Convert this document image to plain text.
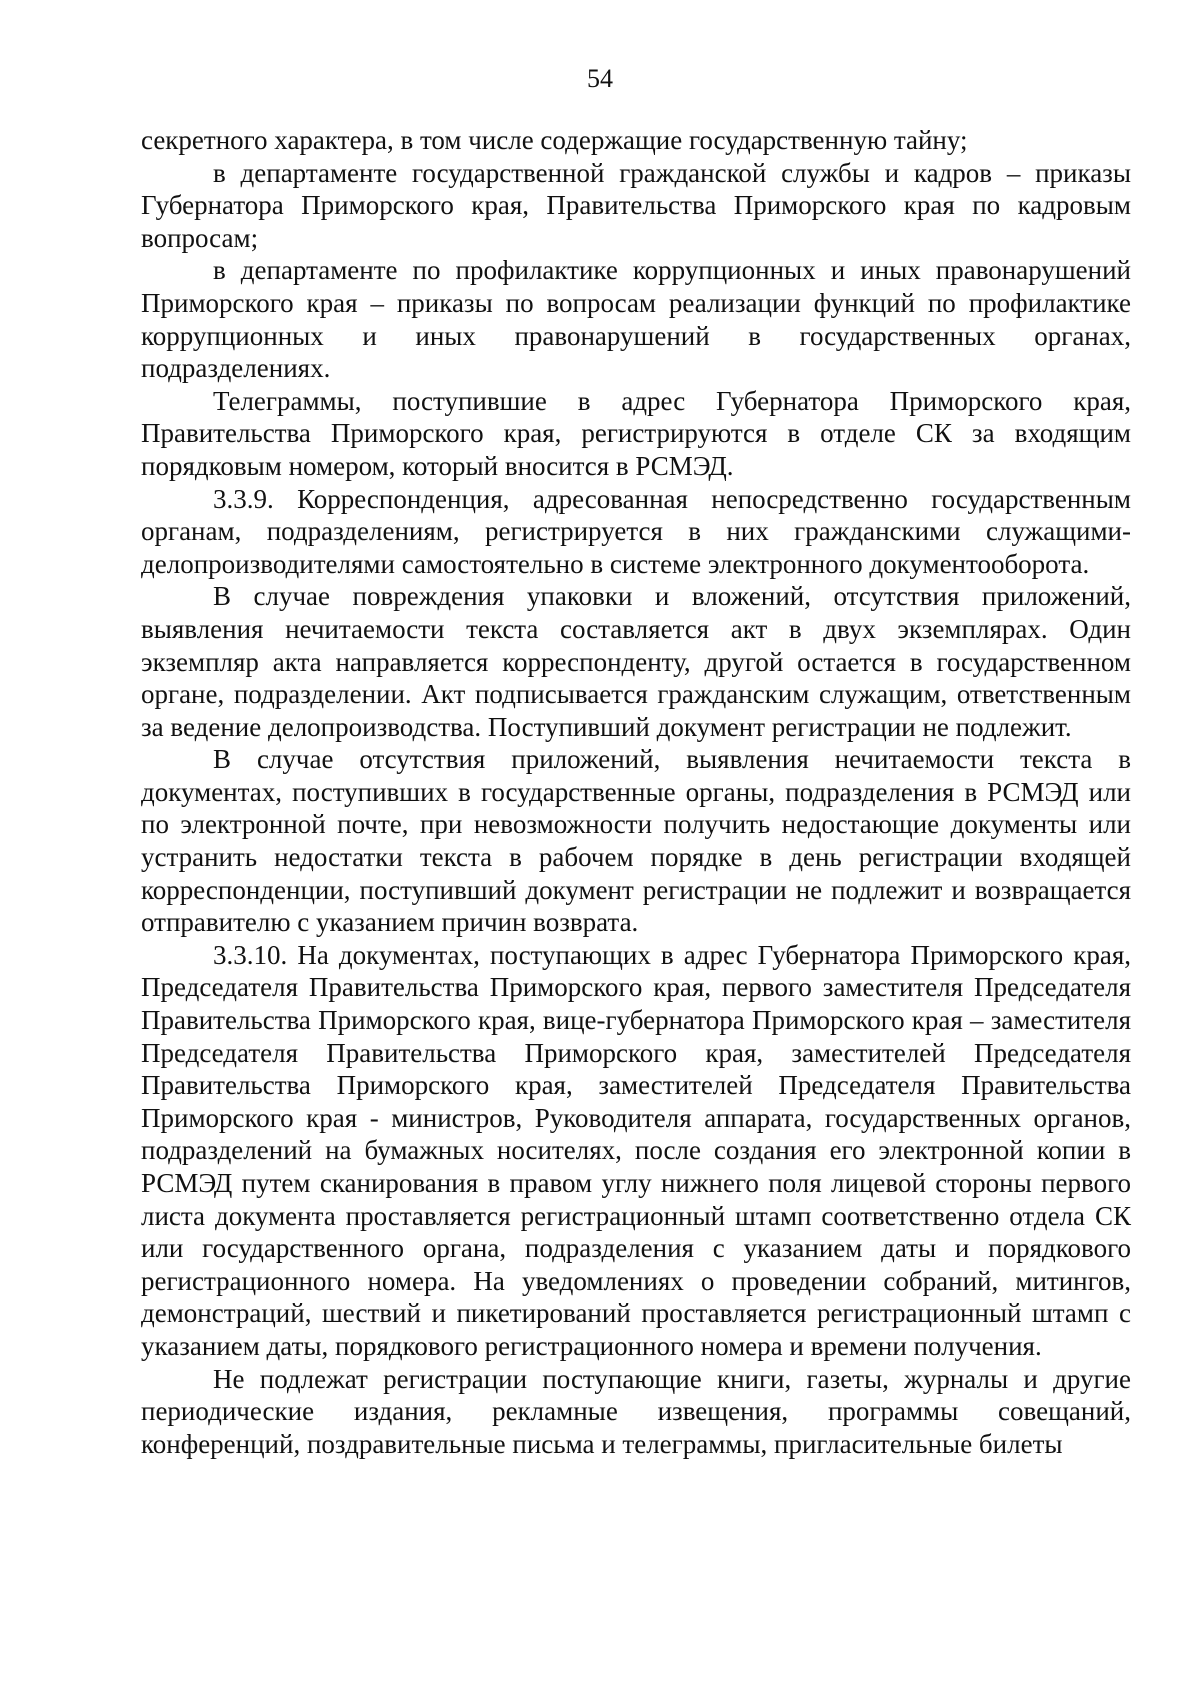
54

секретного характера, в том числе содержащие государственную тайну;

в департаменте государственной гражданской службы и кадров – приказы Губернатора Приморского края, Правительства Приморского края по кадровым вопросам;

в департаменте по профилактике коррупционных и иных правонарушений Приморского края – приказы по вопросам реализации функций по профилактике коррупционных и иных правонарушений в государственных органах, подразделениях.

Телеграммы, поступившие в адрес Губернатора Приморского края, Правительства Приморского края, регистрируются в отделе СК за входящим порядковым номером, который вносится в РСМЭД.

3.3.9. Корреспонденция, адресованная непосредственно государственным органам, подразделениям, регистрируется в них гражданскими служащими-делопроизводителями самостоятельно в системе электронного документооборота.

В случае повреждения упаковки и вложений, отсутствия приложений, выявления нечитаемости текста составляется акт в двух экземплярах. Один экземпляр акта направляется корреспонденту, другой остается в государственном органе, подразделении. Акт подписывается гражданским служащим, ответственным за ведение делопроизводства. Поступивший документ регистрации не подлежит.

В случае отсутствия приложений, выявления нечитаемости текста в документах, поступивших в государственные органы, подразделения в РСМЭД или по электронной почте, при невозможности получить недостающие документы или устранить недостатки текста в рабочем порядке в день регистрации входящей корреспонденции, поступивший документ регистрации не подлежит и возвращается отправителю с указанием причин возврата.

3.3.10. На документах, поступающих в адрес Губернатора Приморского края, Председателя Правительства Приморского края, первого заместителя Председателя Правительства Приморского края, вице-губернатора Приморского края – заместителя Председателя Правительства Приморского края, заместителей Председателя Правительства Приморского края, заместителей Председателя Правительства Приморского края - министров, Руководителя аппарата, государственных органов, подразделений на бумажных носителях, после создания его электронной копии в РСМЭД путем сканирования в правом углу нижнего поля лицевой стороны первого листа документа проставляется регистрационный штамп соответственно отдела СК или государственного органа, подразделения с указанием даты и порядкового регистрационного номера. На уведомлениях о проведении собраний, митингов, демонстраций, шествий и пикетирований проставляется регистрационный штамп с указанием даты, порядкового регистрационного номера и времени получения.

Не подлежат регистрации поступающие книги, газеты, журналы и другие периодические издания, рекламные извещения, программы совещаний, конференций, поздравительные письма и телеграммы, пригласительные билеты
